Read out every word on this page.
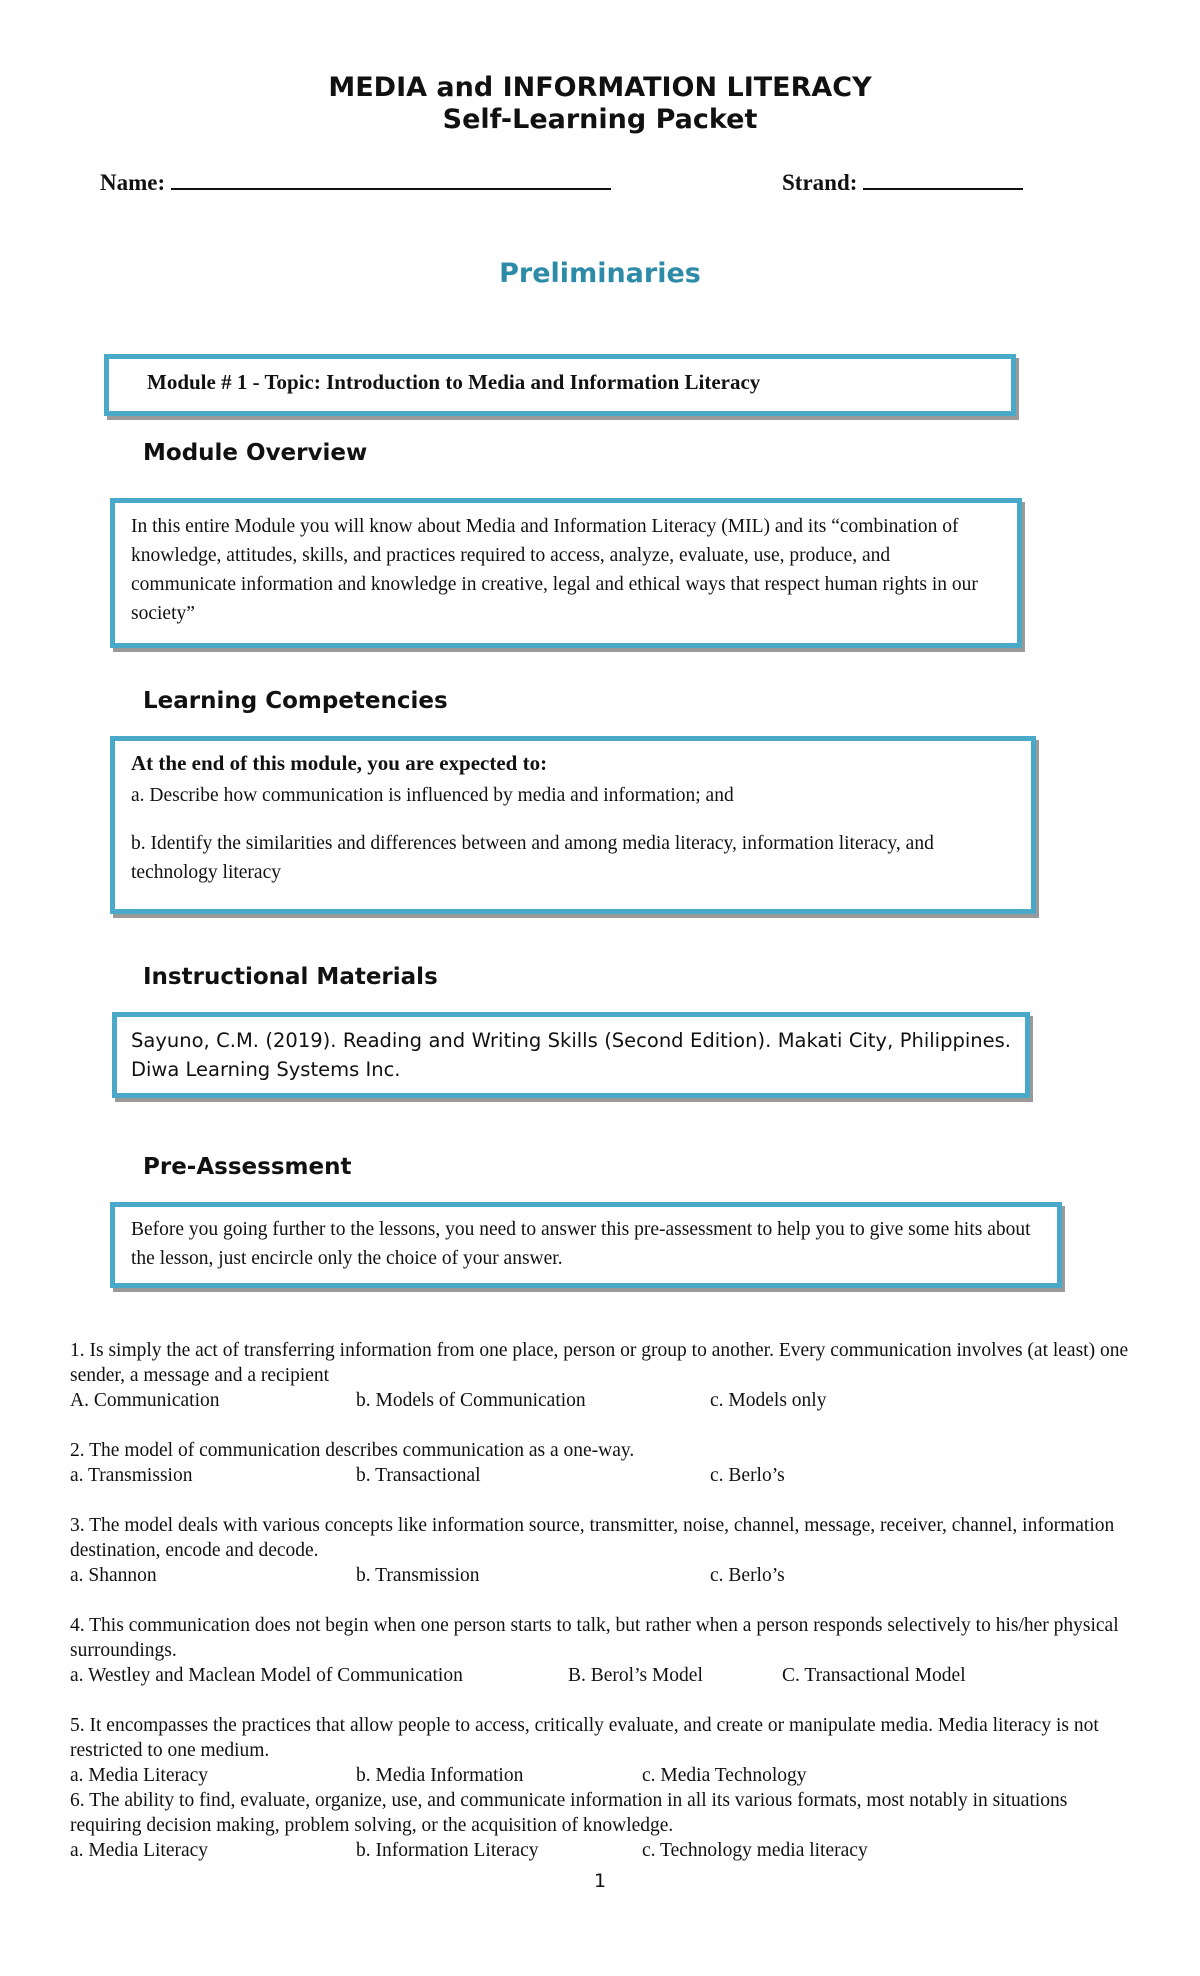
MEDIA and INFORMATION LITERACY
Self-Learning Packet
Name:	Strand:
Preliminaries
Module # 1 - Topic: Introduction to Media and Information Literacy
Module Overview
In this entire Module you will know about Media and Information Literacy (MIL) and its “combination of knowledge, attitudes, skills, and practices required to access, analyze, evaluate, use, produce, and communicate information and knowledge in creative, legal and ethical ways that respect human rights in our society”
Learning Competencies
At the end of this module, you are expected to:
a. Describe how communication is influenced by media and information; and
b. Identify the similarities and differences between and among media literacy, information literacy, and technology literacy
Instructional Materials
Sayuno, C.M. (2019). Reading and Writing Skills (Second Edition). Makati City, Philippines. Diwa Learning Systems Inc.
Pre-Assessment
Before you going further to the lessons, you need to answer this pre-assessment to help you to give some hits about the lesson, just encircle only the choice of your answer.
1. Is simply the act of transferring information from one place, person or group to another. Every communication involves (at least) one sender, a message and a recipient
A. Communication	b. Models of Communication	c. Models only
2. The model of communication describes communication as a one-way.
a. Transmission	b. Transactional	c. Berlo’s
3. The model deals with various concepts like information source, transmitter, noise, channel, message, receiver, channel, information destination, encode and decode.
a. Shannon	b. Transmission	c. Berlo’s
4. This communication does not begin when one person starts to talk, but rather when a person responds selectively to his/her physical surroundings.
a. Westley and Maclean Model of Communication	B. Berol’s Model	C. Transactional Model
5. It encompasses the practices that allow people to access, critically evaluate, and create or manipulate media. Media literacy is not restricted to one medium.
a. Media Literacy	b. Media Information	c. Media Technology
6. The ability to find, evaluate, organize, use, and communicate information in all its various formats, most notably in situations requiring decision making, problem solving, or the acquisition of knowledge.
a. Media Literacy	b. Information Literacy	c. Technology media literacy
1
